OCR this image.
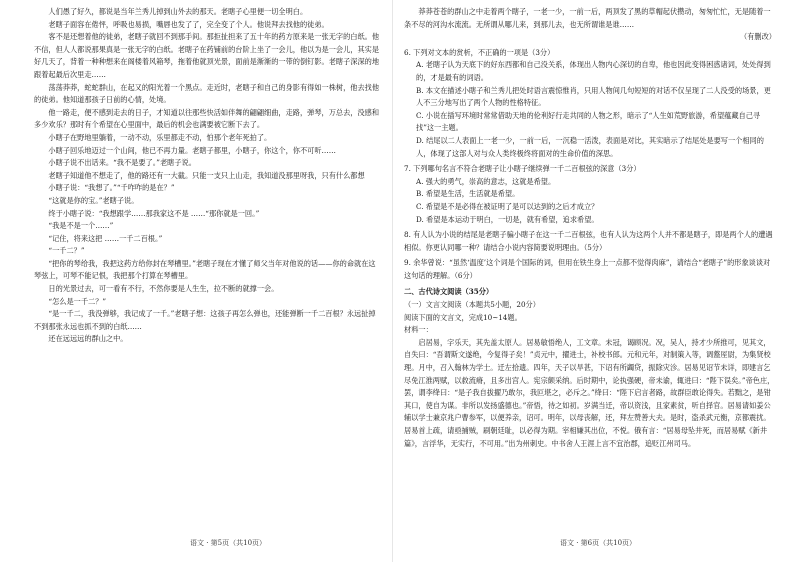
人们愚了好久，都说是当年兰秀儿掉到山外去的那天。老瞎子心里便一切全明白。

老瞎子面容在倦怦，呼吸也易损，嘴唇也发了了，完全变了个人。他说拜去找他的徒弟。

客不是还想着他的徒弟，老瞎子就回不到那手间。那拒扯担来了五十年的药方原来是一张无字的白纸。他不信，但人人都说那果真是一张无字的白纸。老瞎子在药铺前的台阶上坐了一会儿，他以为是一会儿，其实是好几天了，背着一种种想来在阁楼着风箱琴，拖着他就顶光景，面前是渐渐的一带的倒钉影。老瞎子深深的地跟着起最后次里走……

荡荡莽莽，蛇蛇群山，在起又的阳光着一个黑点。走近时，老瞎子和自己的身影有得如一株树，他去找他的徒弟。他知道那孩子日前的心情，处境。

他一路走，便不感到走去的日子，才知道以往那些快活如伴舞的翩翩细曲，走路，弹琴，万总去，没感和多少欢乐？那时有个希望在心里面中，最后的机会也满要被它断下去了。

小瞎子在野地里躺着，一动不动，乐里都走不动，怕那个老年死拍了。

小瞎子回乐地迈过一个山间，他已不再力量。老瞎子都里，小瞎子，你这个，你不可听……

小瞎子说不出话来。“我不是要了。”老瞎子说。

老瞎子知道他不想走了，他的路还有一大截。只能一支只上山走，我知道没那里呀我，只有什么都想

小瞎子说：“我想了。”“千咋咋的是在？”

“这就是你的宝。”老瞎子说。

终于小瞎子说：“我想跟学……那我家这不是 ……“那你就是一回。”

“我是不是一个……”

“记住，将来这把 ……一千二百根。”

“一千二？”

“把你的琴给我，我把这药方给你封在琴槽里。”老瞎子现在才懂了师父当年对他说的话——你的命就在这琴弦上，可琴不能记恨，我把那个打算在琴槽里。

日的光景过去，可一看有不行，不然你要是人生生，拉不断的就撑一会。

“怎么是一千二？”

“是一千二，我没弹够，我记成了一千。”老瞎子想：这孩子再怎么弹也，还能弹断一千二百根？永远扯掉不到那张永远也抓不到的白纸……

还在远远远的群山之中。

莽莽苍苍的群山之中走着两个瞎子，一老一少，一前一后，两顶发了黑的草帽起伏攒动，匆匆忙忙，无是随着一条不尽的河沟水流流。无所谓从哪儿来，到那儿去，也无所谓谁是谁……

（有删改）

6. 下列对文本的赏析，不正确的一项是（3分）

A. 老瞎子认为天底下的好东西都和自己没关系，体现出人物内心深切的自卑，他也因此变得困惑诸词，处处得到的，才是最有的词语。

B. 本文在描述小瞎子和兰秀儿把处时语言震惊惟肖，只用人物间几句短短的对话不仅呈现了二人没受的场景，更人不三分地写出了两个人物的性格特征。

C. 小说在插写环境时常常借助天地的伦利好行走共同的人物之形，暗示了“人生如荒野旅游，希望蕴藏自己寻找”这一主题。

D. 结尾以二人表面上一老一少，一前一后，一沉稳一活泼，表面是对比，其实暗示了结尾处是要写一个相同的人，体现了这部人对与众人类终极终将面对的生命价值的深思。

7. 下列哪句名言不符合老瞎子让小瞎子继续弹一千二百根弦的深意（3分）

A. 强大的勇气，崇高的意志，这就是希望。

B. 希望是生活，生活就是希望。

C. 希望是不是必得在被证明了是可以达到的之后才成立？

D. 希望是本运动于明白，一切是，就有希望，追求希望。

8. 有人认为小说的结尾是老瞎子骗小瞎子在这一千二百根弦，也有人认为这两个人并不都是瞎子，即是两个人的遭遇相似。你更认同哪一种？请结合小说内容简要说明理由。（5分）

9. 余华曾说：“虽然‘温度’这个词是个国际的词，但用在铁生身上一点都不觉得肉麻”，请结合“老瞎子”的形象谈谈对这句话的理解。（6分）

二、古代诗文阅读（35分）

（一）文言文阅读（本题共5小题，20分）

阅读下面的文言文，完成10~14题。

材料一：

启居易，字乐天，其先盖太原人。居易敏悟绝人，工文章。未冠，谒顾况。况，吴人，持才少所推可，见其文，自失曰：“吾谓斯文遂绝，今复得子矣！”贞元中，擢进士，补校书郎。元和元年，对制策入等，调盩厔尉，为集贤校理。月中，召入翰林为学士。迁左拾遗。四年，天子以旱甚，下诏有所蠲贷，振除灾沴。居易见诏节未详，即建言乞尽免江淮两赋，以救流瘠，且多出宫人。宪宗颇采纳。后时期中，论执强硬，帝未谕，辄进曰：“陛下误矣。”帝色庄，罢，谓李绛曰：“是子我自拔擢乃敢尔，我叵堪之，必斥之。”绛曰：“陛下启言者路，故群臣敢论得失。若黜之，是钳其口，使自为谋。非所以发扬盛德也。”帝悟，待之如初。岁满当迁，帝以资浅，且家素贫，听自择官。居易请如姜公辅以学士兼京兆户曹参军，以便养亲，诏可。明年，以母丧解，还，拜左赞善大夫。是时，盗杀武元衡，京都震扰。居易首上疏，请亟捕贼，刷朝廷耻，以必得为期。宰相嫌其出位，不悦。俄有言：“居易母坠井死，而居易赋《新井篇》，言浮华，无实行，不可用。”出为州刺史。中书舍人王涯上言不宜治郡，追贬江州司马。

语文 · 第5页（共10页）	语文 · 第6页（共10页）
